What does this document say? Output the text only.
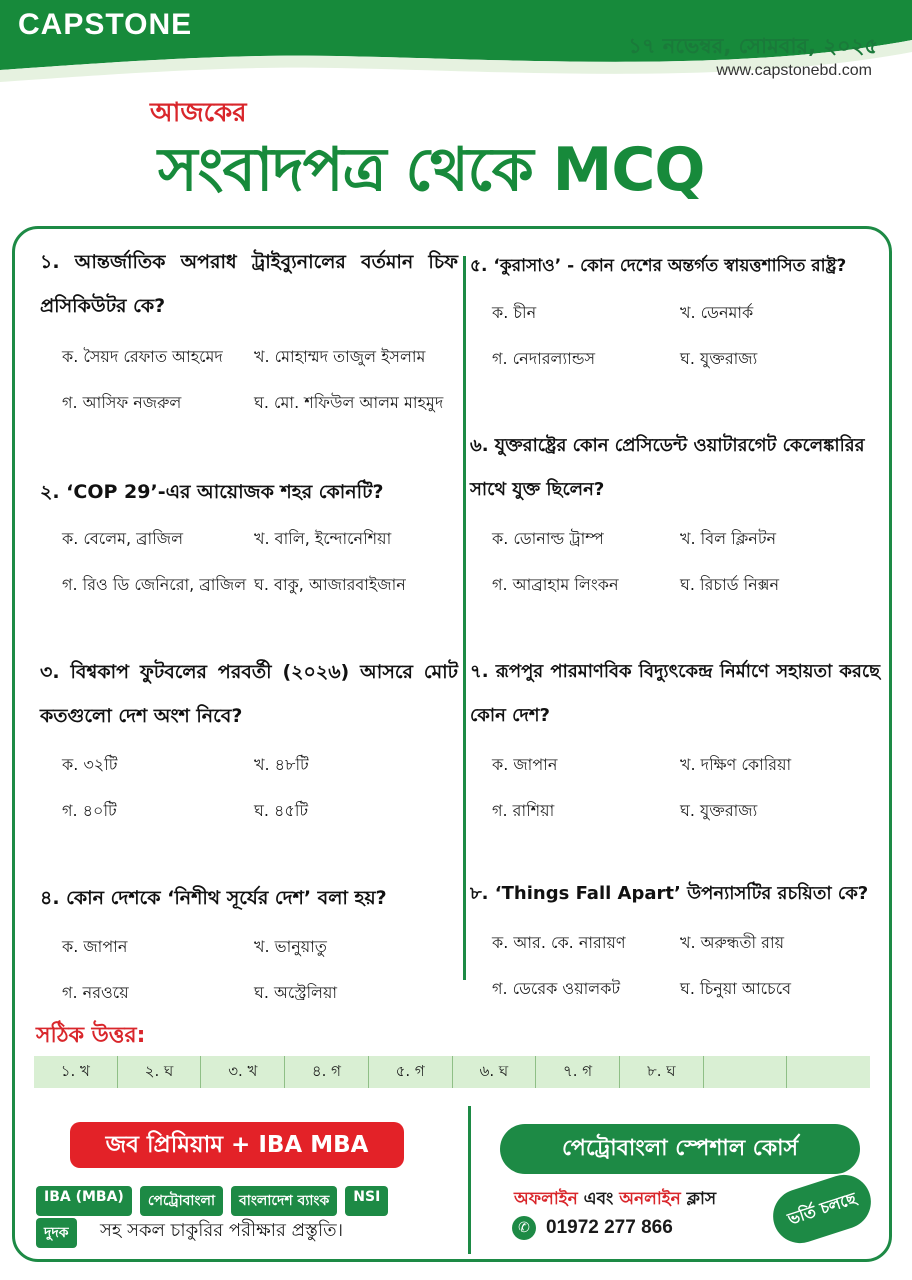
CAPSTONE
১৭ নভেম্বর, সোমবার, ২০২৫
www.capstonebd.com
আজকের
সংবাদপত্র থেকে MCQ
১. আন্তর্জাতিক অপরাধ ট্রাইব্যুনালের বর্তমান চিফ প্রসিকিউটর কে?
ক. সৈয়দ রেফাত আহমেদ খ. মোহাম্মদ তাজুল ইসলাম
গ. আসিফ নজরুল	ঘ. মো. শফিউল আলম মাহমুদ
২. ‘COP 29’-এর আয়োজক শহর কোনটি?
ক. বেলেম, ব্রাজিল	খ. বালি, ইন্দোনেশিয়া
গ. রিও ডি জেনিরো, ব্রাজিল ঘ. বাকু, আজারবাইজান
৩. বিশ্বকাপ ফুটবলের পরবর্তী (২০২৬) আসরে মোট কতগুলো দেশ অংশ নিবে?
ক. ৩২টি	খ. ৪৮টি
গ. ৪০টি	ঘ. ৪৫টি
৪. কোন দেশকে ‘নিশীথ সূর্যের দেশ’ বলা হয়?
ক. জাপান	খ. ভানুয়াতু
গ. নরওয়ে	ঘ. অস্ট্রেলিয়া
৫. ‘কুরাসাও’ - কোন দেশের অন্তর্গত স্বায়ত্তশাসিত রাষ্ট্র?
ক. চীন	খ. ডেনমার্ক
গ. নেদারল্যান্ডস	ঘ. যুক্তরাজ্য
৬. যুক্তরাষ্ট্রের কোন প্রেসিডেন্ট ওয়াটারগেট কেলেঙ্কারির সাথে যুক্ত ছিলেন?
ক. ডোনাল্ড ট্রাম্প	খ. বিল ক্লিনটন
গ. আব্রাহাম লিংকন	ঘ. রিচার্ড নিক্সন
৭. রূপপুর পারমাণবিক বিদ্যুৎকেন্দ্র নির্মাণে সহায়তা করছে কোন দেশ?
ক. জাপান	খ. দক্ষিণ কোরিয়া
গ. রাশিয়া	ঘ. যুক্তরাজ্য
৮. ‘Things Fall Apart’ উপন্যাসটির রচয়িতা কে?
ক. আর. কে. নারায়ণ	খ. অরুন্ধতী রায়
গ. ডেরেক ওয়ালকট	ঘ. চিনুয়া আচেবে
সঠিক উত্তর:
১. খ	২. ঘ	৩. খ	৪. গ	৫. গ	৬. ঘ	৭. গ	৮. ঘ
জব প্রিমিয়াম + IBA MBA
IBA (MBA)	পেট্রোবাংলা	বাংলাদেশ ব্যাংক	NSI
দুদক	সহ সকল চাকুরির পরীক্ষার প্রস্তুতি।
পেট্রোবাংলা স্পেশাল কোর্স
অফলাইন এবং অনলাইন ক্লাস
✆ 01972 277 866	ভর্তি চলছে
